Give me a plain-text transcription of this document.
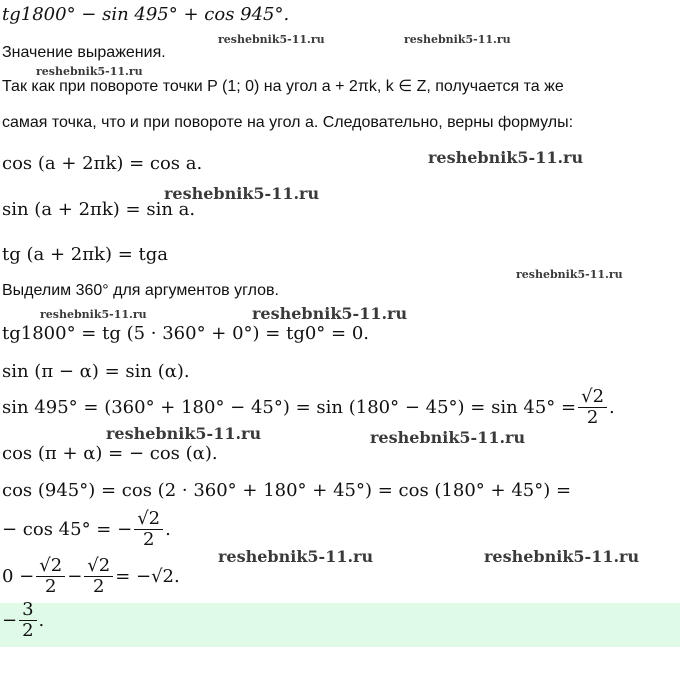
tg1800° − sin 495° + cos 945°.
Значение выражения.
Так как при повороте точки P (1; 0) на угол a + 2πk, k ∈ Z, получается та же
самая точка, что и при повороте на угол a. Следовательно, верны формулы:
cos (a + 2πk) = cos a.
sin (a + 2πk) = sin a.
tg (a + 2πk) = tga
Выделим 360° для аргументов углов.
tg1800° = tg (5 · 360° + 0°) = tg0° = 0.
sin (π − α) = sin (α).
$\sin 495^\circ = (360^\circ + 180^\circ - 45^\circ) = \sin (180^\circ - 45^\circ) = \sin 45^\circ = \frac{√2}{2}$ .
cos (π + α) = − cos (α).
cos (945°) = cos (2 · 360° + 180° + 45°) = cos (180° + 45°) =
− cos 45° = − $\frac{√2}{2}$ .
$0 - \frac{√2}{2} - \frac{√2}{2} = -√2$.
− $\frac{3}{2}$ .
reshebnik5-11.ru	reshebnik5-11.ru
reshebnik5-11.ru
reshebnik5-11.ru
reshebnik5-11.ru
reshebnik5-11.ru
reshebnik5-11.ru	reshebnik5-11.ru
reshebnik5-11.ru	reshebnik5-11.ru
reshebnik5-11.ru	reshebnik5-11.ru
